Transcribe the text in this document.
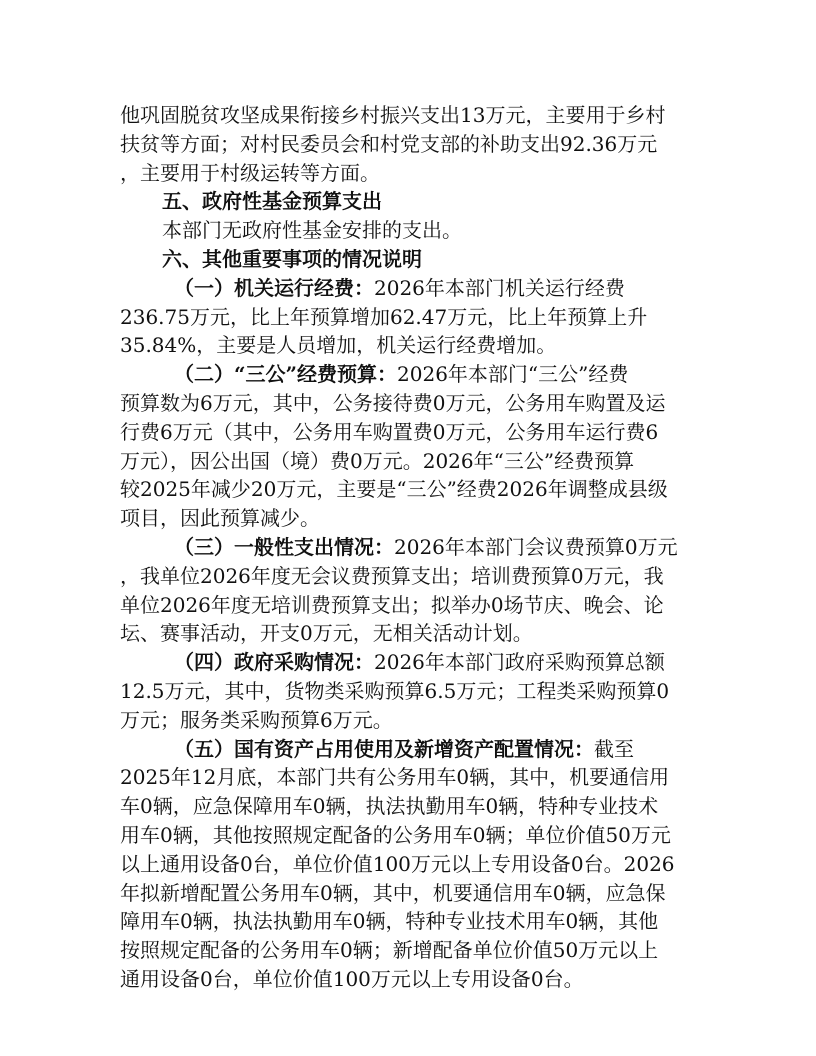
他巩固脱贫攻坚成果衔接乡村振兴支出13万元，主要用于乡村
扶贫等方面；对村民委员会和村党支部的补助支出92.36万元
，主要用于村级运转等方面。
五、政府性基金预算支出
本部门无政府性基金安排的支出。
六、其他重要事项的情况说明
（一）机关运行经费：2026年本部门机关运行经费
236.75万元，比上年预算增加62.47万元，比上年预算上升
35.84%，主要是人员增加，机关运行经费增加。
（二）“三公”经费预算：2026年本部门“三公”经费
预算数为6万元，其中，公务接待费0万元，公务用车购置及运
行费6万元（其中，公务用车购置费0万元，公务用车运行费6
万元），因公出国（境）费0万元。2026年“三公”经费预算
较2025年减少20万元，主要是“三公”经费2026年调整成县级
项目，因此预算减少。
（三）一般性支出情况：2026年本部门会议费预算0万元
，我单位2026年度无会议费预算支出；培训费预算0万元，我
单位2026年度无培训费预算支出；拟举办0场节庆、晚会、论
坛、赛事活动，开支0万元，无相关活动计划。
（四）政府采购情况：2026年本部门政府采购预算总额
12.5万元，其中，货物类采购预算6.5万元；工程类采购预算0
万元；服务类采购预算6万元。
（五）国有资产占用使用及新增资产配置情况：截至
2025年12月底，本部门共有公务用车0辆，其中，机要通信用
车0辆，应急保障用车0辆，执法执勤用车0辆，特种专业技术
用车0辆，其他按照规定配备的公务用车0辆；单位价值50万元
以上通用设备0台，单位价值100万元以上专用设备0台。2026
年拟新增配置公务用车0辆，其中，机要通信用车0辆，应急保
障用车0辆，执法执勤用车0辆，特种专业技术用车0辆，其他
按照规定配备的公务用车0辆；新增配备单位价值50万元以上
通用设备0台，单位价值100万元以上专用设备0台。
